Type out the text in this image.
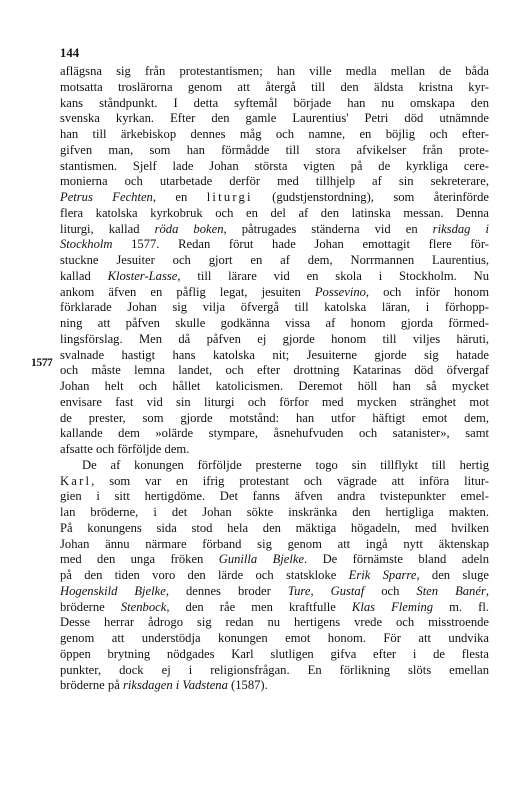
144
1577
aflägsna sig från protestantismen; han ville medla mellan de båda
motsatta troslärorna genom att återgå till den äldsta kristna kyr-
kans ståndpunkt. I detta syftemål började han nu omskapa den
svenska kyrkan. Efter den gamle Laurentius' Petri död utnämnde
han till ärkebiskop dennes måg och namne, en böjlig och efter-
gifven man, som han förmådde till stora afvikelser från prote-
stantismen. Sjelf lade Johan största vigten på de kyrkliga cere-
monierna och utarbetade derför med tillhjelp af sin sekreterare,
Petrus Fechten, en liturgi (gudstjenstordning), som återinförde
flera katolska kyrkobruk och en del af den latinska messan. Denna
liturgi, kallad röda boken, påtrugades ständerna vid en riksdag i
Stockholm 1577. Redan förut hade Johan emottagit flere för-
stuckne Jesuiter och gjort en af dem, Norrmannen Laurentius,
kallad Kloster-Lasse, till lärare vid en skola i Stockholm. Nu
ankom äfven en påflig legat, jesuiten Possevino, och inför honom
förklarade Johan sig vilja öfvergå till katolska läran, i förhopp-
ning att påfven skulle godkänna vissa af honom gjorda förmed-
lingsförslag. Men då påfven ej gjorde honom till viljes häruti,
svalnade hastigt hans katolska nit; Jesuiterne gjorde sig hatade
och måste lemna landet, och efter drottning Katarinas död öfvergaf
Johan helt och hållet katolicismen. Deremot höll han så mycket
envisare fast vid sin liturgi och förfor med mycken stränghet mot
de prester, som gjorde motstånd: han utfor häftigt emot dem,
kallande dem »olärde stympare, åsnehufvuden och satanister», samt
afsatte och förföljde dem.
De af konungen förföljde presterne togo sin tillflykt till hertig
Karl, som var en ifrig protestant och vägrade att införa litur-
gien i sitt hertigdöme. Det fanns äfven andra tvistepunkter emel-
lan bröderne, i det Johan sökte inskränka den hertigliga makten.
På konungens sida stod hela den mäktiga högadeln, med hvilken
Johan ännu närmare förband sig genom att ingå nytt äktenskap
med den unga fröken Gunilla Bjelke. De förnämste bland adeln
på den tiden voro den lärde och statskloke Erik Sparre, den sluge
Hogenskild Bjelke, dennes broder Ture, Gustaf och Sten Banér,
bröderne Stenbock, den råe men kraftfulle Klas Fleming m. fl.
Desse herrar ådrogo sig redan nu hertigens vrede och misstroende
genom att understödja konungen emot honom. För att undvika
öppen brytning nödgades Karl slutligen gifva efter i de flesta
punkter, dock ej i religionsfrågan. En förlikning slöts emellan
bröderne på riksdagen i Vadstena (1587).
